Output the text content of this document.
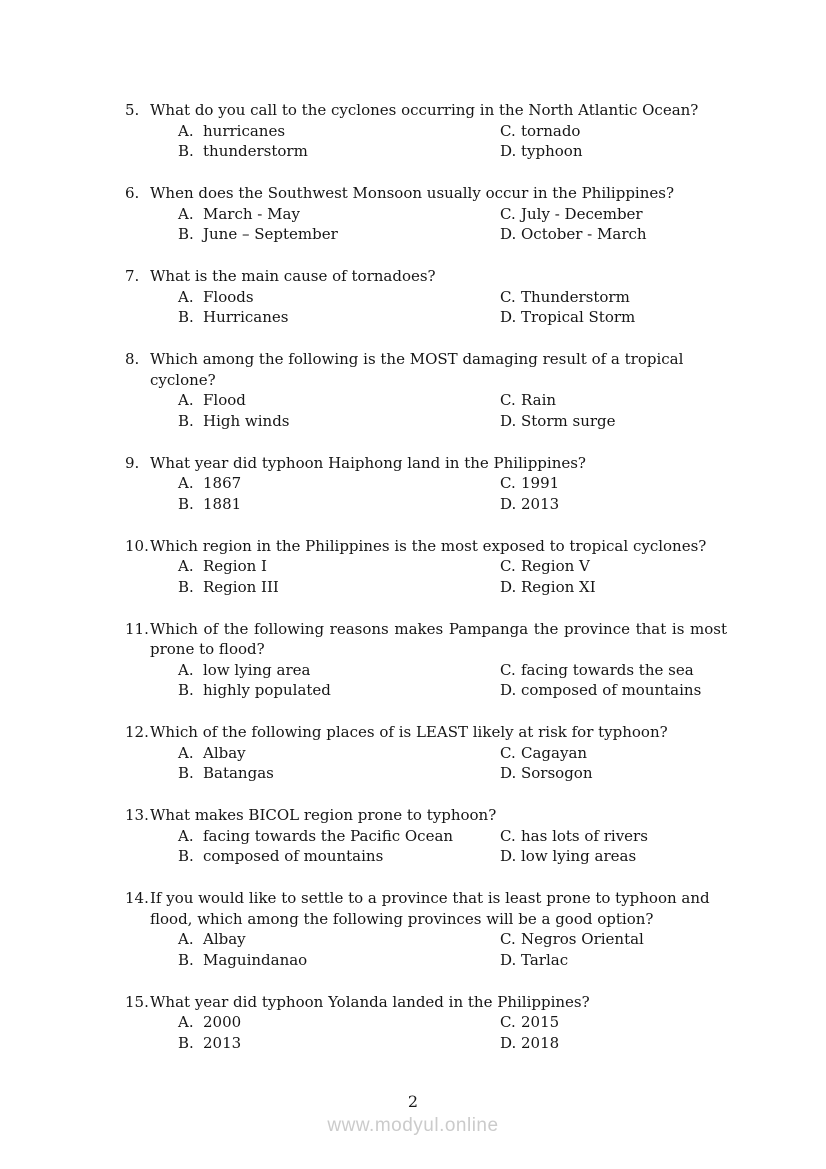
5. What do you call to the cyclones occurring in the North Atlantic Ocean?
A. hurricanes	C. tornado
B. thunderstorm	D. typhoon
6. When does the Southwest Monsoon usually occur in the Philippines?
A. March - May	C. July - December
B. June – September	D. October - March
7. What is the main cause of tornadoes?
A. Floods	C. Thunderstorm
B. Hurricanes	D. Tropical Storm
8. Which among the following is the MOST damaging result of a tropical
cyclone?
A. Flood	C. Rain
B. High winds	D. Storm surge
9. What year did typhoon Haiphong land in the Philippines?
A. 1867	C. 1991
B. 1881	D. 2013
10. Which region in the Philippines is the most exposed to tropical cyclones?
A. Region I	C. Region V
B. Region III	D. Region XI
11. Which of the following reasons makes Pampanga the province that is most
prone to flood?
A. low lying area	C. facing towards the sea
B. highly populated	D. composed of mountains
12. Which of the following places of is LEAST likely at risk for typhoon?
A. Albay	C. Cagayan
B. Batangas	D. Sorsogon
13. What makes BICOL region prone to typhoon?
A. facing towards the Pacific Ocean	C. has lots of rivers
B. composed of mountains	D. low lying areas
14. If you would like to settle to a province that is least prone to typhoon and
flood, which among the following provinces will be a good option?
A. Albay	C. Negros Oriental
B. Maguindanao	D. Tarlac
15. What year did typhoon Yolanda landed in the Philippines?
A. 2000	C. 2015
B. 2013	D. 2018
2
www.modyul.online
